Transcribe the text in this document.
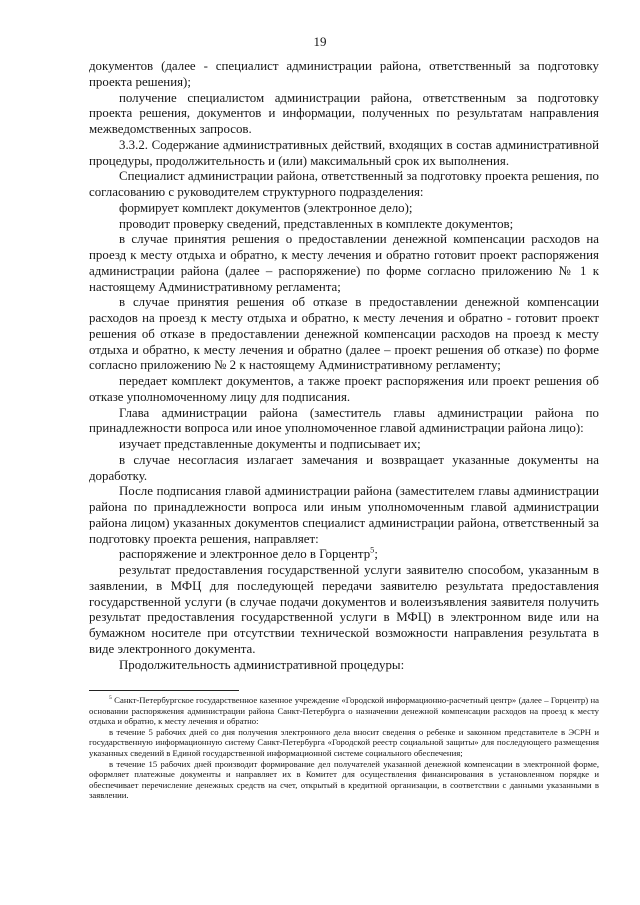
19

документов (далее - специалист администрации района, ответственный за подготовку проекта решения);

получение специалистом администрации района, ответственным за подготовку проекта решения, документов и информации, полученных по результатам направления межведомственных запросов.

3.3.2. Содержание административных действий, входящих в состав административной процедуры, продолжительность и (или) максимальный срок их выполнения.

Специалист администрации района, ответственный за подготовку проекта решения, по согласованию с руководителем структурного подразделения:

формирует комплект документов (электронное дело);

проводит проверку сведений, представленных в комплекте документов;

в случае принятия решения о предоставлении денежной компенсации расходов на проезд к месту отдыха и обратно, к месту лечения и обратно готовит проект распоряжения администрации района (далее – распоряжение) по форме согласно приложению № 1 к настоящему Административному регламента;

в случае принятия решения об отказе в предоставлении денежной компенсации расходов на проезд к месту отдыха и обратно, к месту лечения и обратно - готовит проект решения об отказе в предоставлении денежной компенсации расходов на проезд к месту отдыха и обратно, к месту лечения и обратно (далее – проект решения об отказе) по форме согласно приложению № 2 к настоящему Административному регламенту;

передает комплект документов, а также проект распоряжения или проект решения об отказе уполномоченному лицу для подписания.

Глава администрации района (заместитель главы администрации района по принадлежности вопроса или иное уполномоченное главой администрации района лицо):

изучает представленные документы и подписывает их;

в случае несогласия излагает замечания и возвращает указанные документы на доработку.

После подписания главой администрации района (заместителем главы администрации района по принадлежности вопроса или иным уполномоченным главой администрации района лицом) указанных документов специалист администрации района, ответственный за подготовку проекта решения, направляет:

распоряжение и электронное дело в Горцентр$^5$;

результат предоставления государственной услуги заявителю способом, указанным в заявлении, в МФЦ для последующей передачи заявителю результата предоставления государственной услуги (в случае подачи документов и волеизъявления заявителя получить результат предоставления государственной услуги в МФЦ) в электронном виде или на бумажном носителе при отсутствии технической возможности направления результата в виде электронного документа.

Продолжительность административной процедуры:

$^5$ Санкт-Петербургское государственное казенное учреждение «Городской информационно-расчетный центр» (далее – Горцентр) на основании распоряжения администрации района Санкт-Петербурга о назначении денежной компенсации расходов на проезд к месту отдыха и обратно, к месту лечения и обратно:

в течение 5 рабочих дней со дня получения электронного дела вносит сведения о ребенке и законном представителе в ЭСРН и государственную информационную систему Санкт-Петербурга «Городской реестр социальной защиты» для последующего размещения указанных сведений в Единой государственной информационной системе социального обеспечения;

в течение 15 рабочих дней производит формирование дел получателей указанной денежной компенсации в электронной форме, оформляет платежные документы и направляет их в Комитет для осуществления финансирования в установленном порядке и обеспечивает перечисление денежных средств на счет, открытый в кредитной организации, в соответствии с данными указанными в заявлении.
